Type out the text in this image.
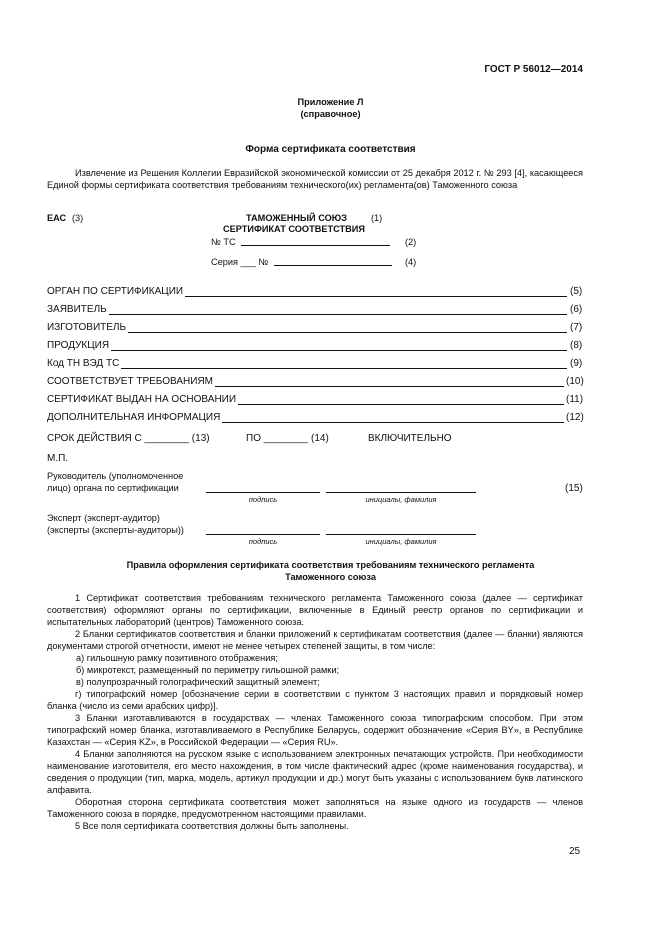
ГОСТ Р 56012—2014
Приложение Л
(справочное)
Форма сертификата соответствия
Извлечение из Решения Коллегии Евразийской экономической комиссии от 25 декабря 2012 г. № 293 [4], касающееся Единой формы сертификата соответствия требованиям технического(их) регламента(ов) Таможенного союза
ЕАС (3)	ТАМОЖЕННЫЙ СОЮЗ	(1)
СЕРТИФИКАТ СООТВЕТСТВИЯ
№ ТС	(2)
Серия ___ №	(4)
ОРГАН ПО СЕРТИФИКАЦИИ	(5)
ЗАЯВИТЕЛЬ	(6)
ИЗГОТОВИТЕЛЬ	(7)
ПРОДУКЦИЯ	(8)
Код ТН ВЭД ТС	(9)
СООТВЕТСТВУЕТ ТРЕБОВАНИЯМ	(10)
СЕРТИФИКАТ ВЫДАН НА ОСНОВАНИИ	(11)
ДОПОЛНИТЕЛЬНАЯ ИНФОРМАЦИЯ	(12)
СРОК ДЕЙСТВИЯ С ________ (13)	ПО ________ (14)	ВКЛЮЧИТЕЛЬНО
М.П.
Руководитель (уполномоченное
лицо) органа по сертификации	(15)
подпись	инициалы, фамилия
Эксперт (эксперт-аудитор)
(эксперты (эксперты-аудиторы))
подпись	инициалы, фамилия
Правила оформления сертификата соответствия требованиям технического регламента
Таможенного союза
1 Сертификат соответствия требованиям технического регламента Таможенного союза (далее — сертификат соответствия) оформляют органы по сертификации, включенные в Единый реестр органов по сертификации и испытательных лабораторий (центров) Таможенного союза.
2 Бланки сертификатов соответствия и бланки приложений к сертификатам соответствия (далее — бланки) являются документами строгой отчетности, имеют не менее четырех степеней защиты, в том числе:
а) гильошную рамку позитивного отображения;
б) микротекст, размещенный по периметру гильошной рамки;
в) полупрозрачный голографический защитный элемент;
г) типографский номер [обозначение серии в соответствии с пунктом 3 настоящих правил и порядковый номер бланка (число из семи арабских цифр)].
3 Бланки изготавливаются в государствах — членах Таможенного союза типографским способом. При этом типографский номер бланка, изготавливаемого в Республике Беларусь, содержит обозначение «Серия BY», в Республике Казахстан — «Серия KZ», в Российской Федерации — «Серия RU».
4 Бланки заполняются на русском языке с использованием электронных печатающих устройств. При необходимости наименование изготовителя, его место нахождения, в том числе фактический адрес (кроме наименования государства), и сведения о продукции (тип, марка, модель, артикул продукции и др.) могут быть указаны с использованием букв латинского алфавита.
Оборотная сторона сертификата соответствия может заполняться на языке одного из государств — членов Таможенного союза в порядке, предусмотренном настоящими правилами.
5 Все поля сертификата соответствия должны быть заполнены.
25
